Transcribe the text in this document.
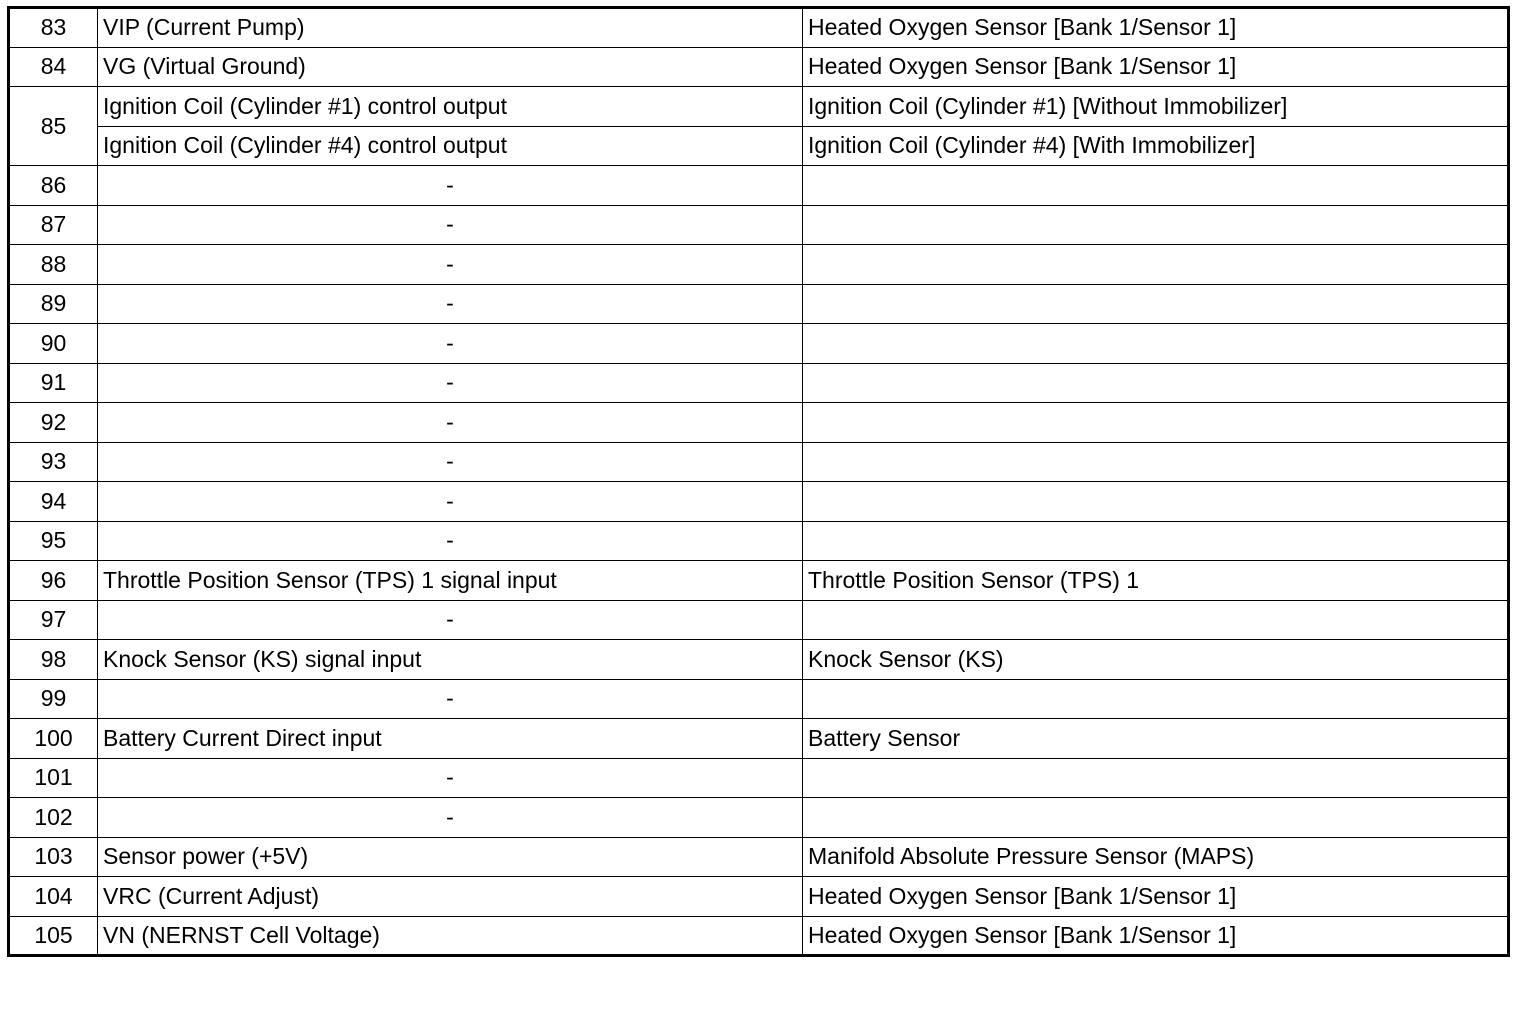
83	VIP (Current Pump)	Heated Oxygen Sensor [Bank 1/Sensor 1]
84	VG (Virtual Ground)	Heated Oxygen Sensor [Bank 1/Sensor 1]
85	Ignition Coil (Cylinder #1) control output	Ignition Coil (Cylinder #1) [Without Immobilizer]
	Ignition Coil (Cylinder #4) control output	Ignition Coil (Cylinder #4) [With Immobilizer]
86	-	
87	-	
88	-	
89	-	
90	-	
91	-	
92	-	
93	-	
94	-	
95	-	
96	Throttle Position Sensor (TPS) 1 signal input	Throttle Position Sensor (TPS) 1
97	-	
98	Knock Sensor (KS) signal input	Knock Sensor (KS)
99	-	
100	Battery Current Direct input	Battery Sensor
101	-	
102	-	
103	Sensor power (+5V)	Manifold Absolute Pressure Sensor (MAPS)
104	VRC (Current Adjust)	Heated Oxygen Sensor [Bank 1/Sensor 1]
105	VN (NERNST Cell Voltage)	Heated Oxygen Sensor [Bank 1/Sensor 1]
